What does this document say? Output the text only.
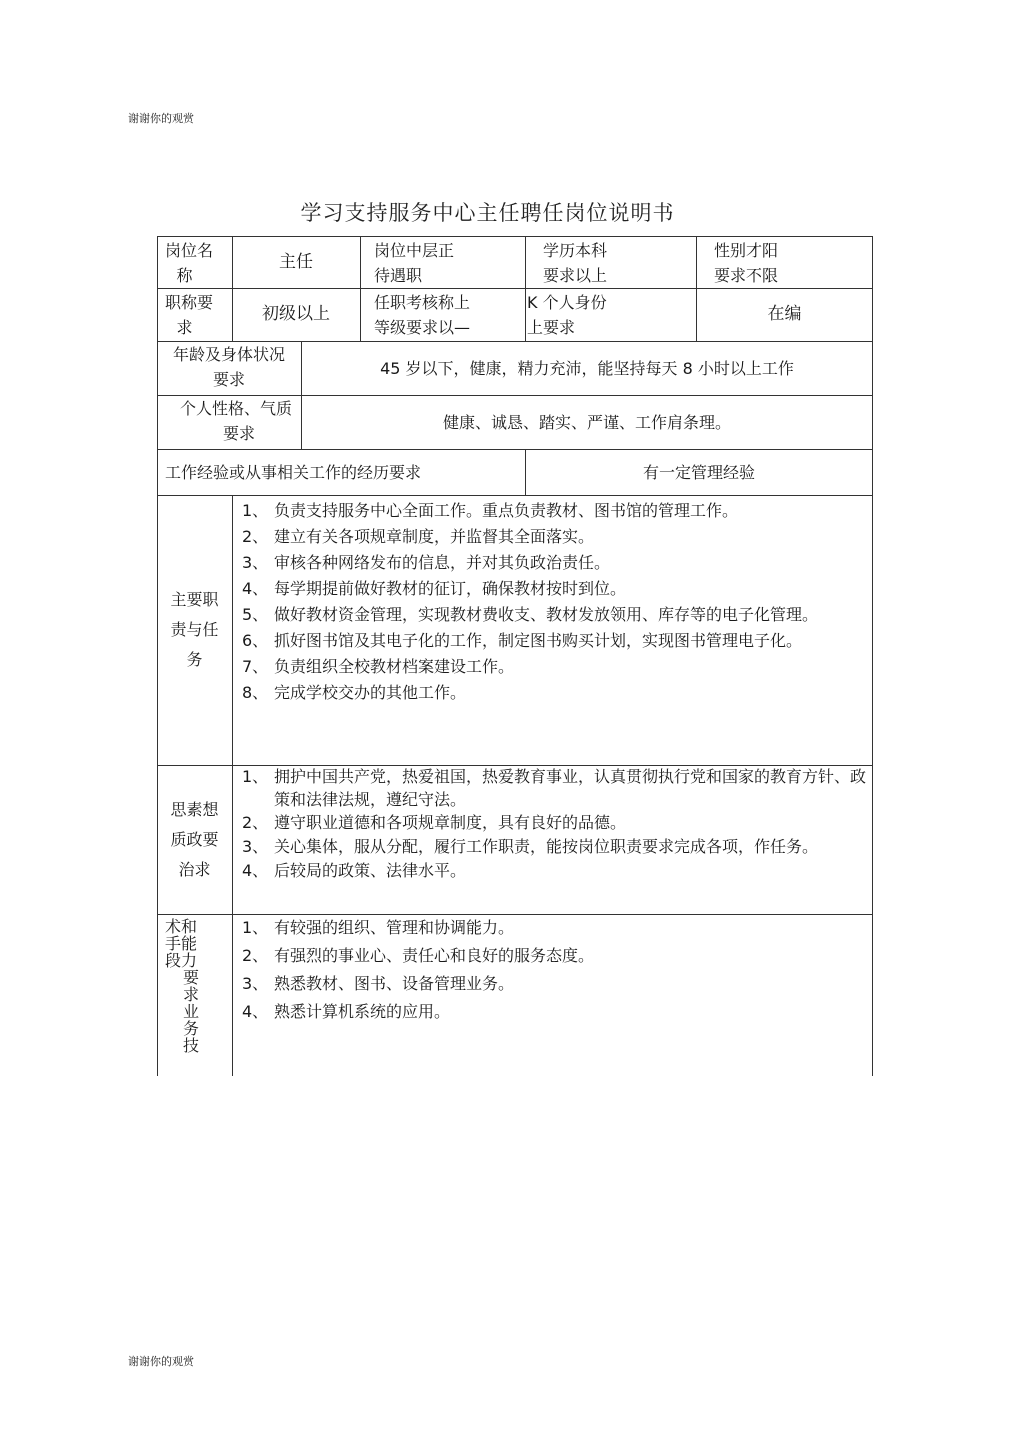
谢谢你的观赏
学习支持服务中心主任聘任岗位说明书
岗位名
称
主任
岗位中层正
待遇职
学历本科
要求以上
性别才阳
要求不限
职称要
求
初级以上
任职考核称上
等级要求以—
K 个人身份
上要求
在编
年龄及身体状况
要求
45 岁以下，健康，精力充沛，能坚持每天 8 小时以上工作
个人性格、气质
要求
健康、诚恳、踏实、严谨、工作肩条理。
工作经验或从事相关工作的经历要求	有一定管理经验
主要职
责与任
务
1、 负责支持服务中心全面工作。重点负责教材、图书馆的管理工作。
2、 建立有关各项规章制度，并监督其全面落实。
3、 审核各种网络发布的信息，并对其负政治责任。
4、 每学期提前做好教材的征订，确保教材按时到位。
5、 做好教材资金管理，实现教材费收支、教材发放领用、库存等的电子化管理。
6、 抓好图书馆及其电子化的工作，制定图书购买计划，实现图书管理电子化。
7、 负责组织全校教材档案建设工作。
8、 完成学校交办的其他工作。
思素想
质政要
治求
1、 拥护中国共产党，热爱祖国，热爱教育事业，认真贯彻执行党和国家的教育方针、政策和法律法规，遵纪守法。
2、 遵守职业道德和各项规章制度，具有良好的品德。
3、 关心集体，服从分配，履行工作职责，能按岗位职责要求完成各项，作任务。
4、 后较局的政策、法律水平。
术和
手能
段力
要
求
业
务
技
1、 有较强的组织、管理和协调能力。
2、 有强烈的事业心、责任心和良好的服务态度。
3、 熟悉教材、图书、设备管理业务。
4、 熟悉计算机系统的应用。
谢谢你的观赏
